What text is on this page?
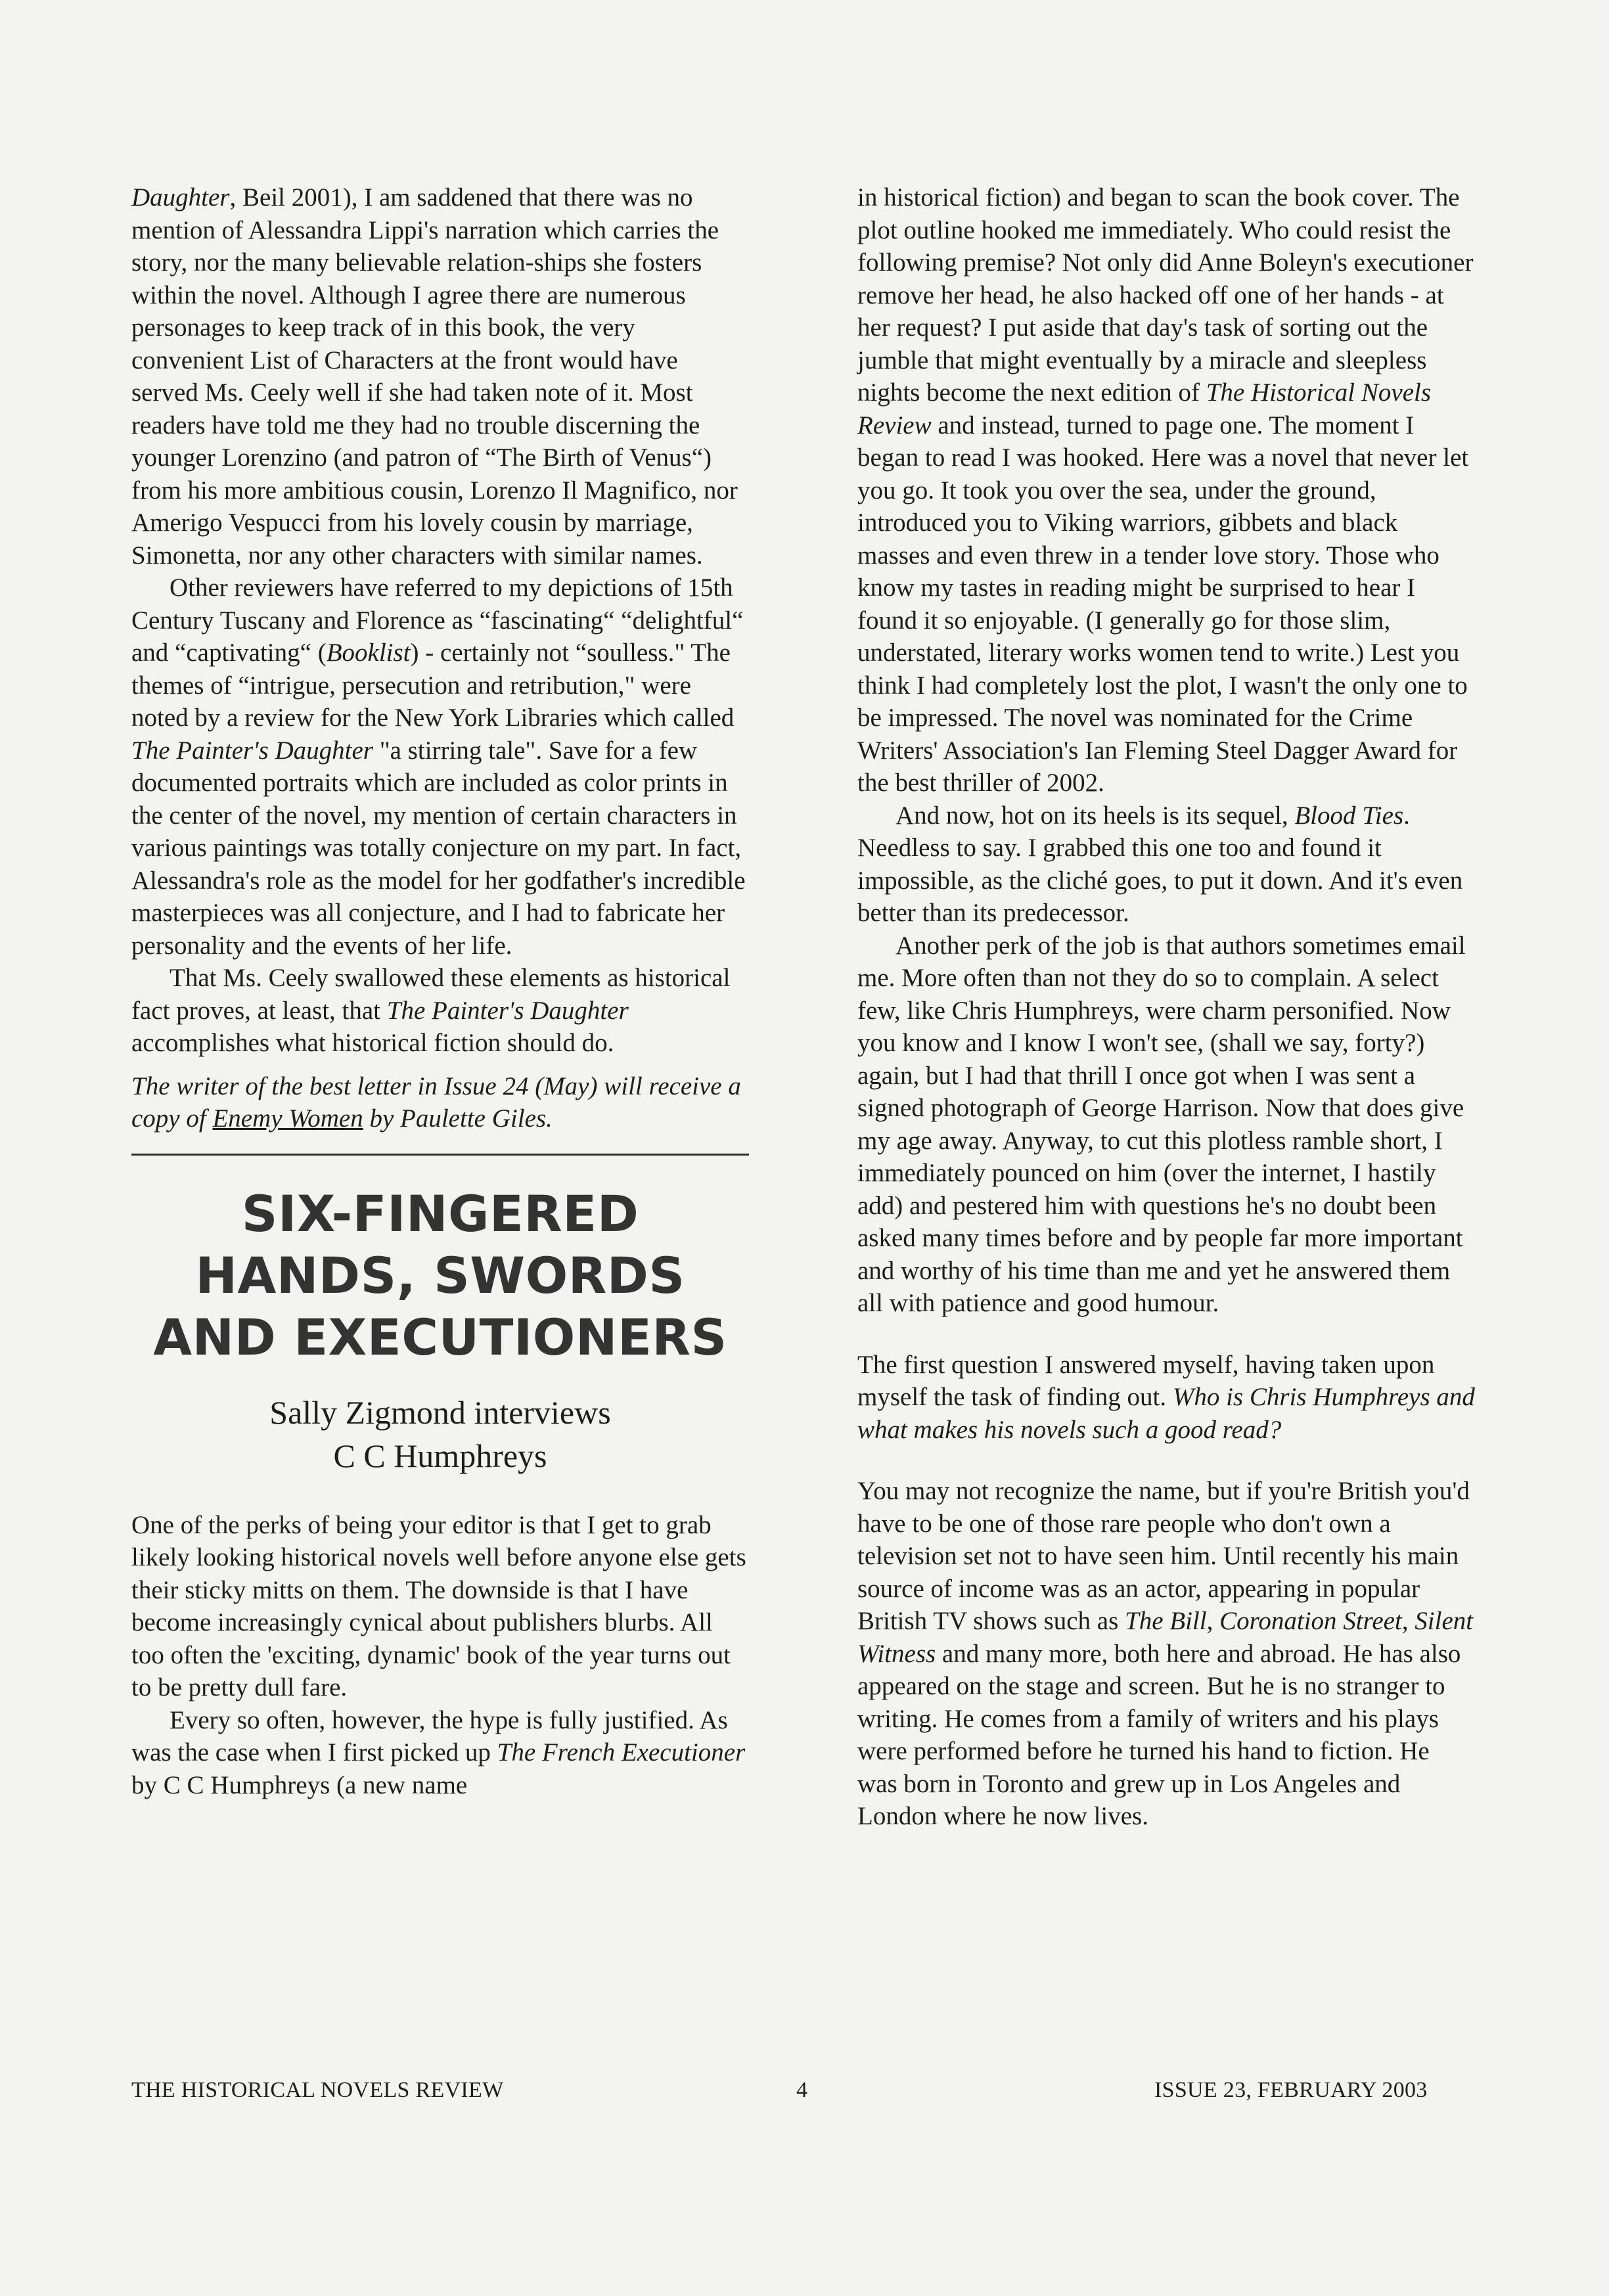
Daughter, Beil 2001), I am saddened that there was no mention of Alessandra Lippi's narration which carries the story, nor the many believable relation-ships she fosters within the novel. Although I agree there are numerous personages to keep track of in this book, the very convenient List of Characters at the front would have served Ms. Ceely well if she had taken note of it. Most readers have told me they had no trouble discerning the younger Lorenzino (and patron of “The Birth of Venus“) from his more ambitious cousin, Lorenzo Il Magnifico, nor Amerigo Vespucci from his lovely cousin by marriage, Simonetta, nor any other characters with similar names.

Other reviewers have referred to my depictions of 15th Century Tuscany and Florence as “fascinating“ “delightful“ and “captivating“ (Booklist) - certainly not “soulless." The themes of “intrigue, persecution and retribution," were noted by a review for the New York Libraries which called The Painter's Daughter "a stirring tale". Save for a few documented portraits which are included as color prints in the center of the novel, my mention of certain characters in various paintings was totally conjecture on my part. In fact, Alessandra's role as the model for her godfather's incredible masterpieces was all conjecture, and I had to fabricate her personality and the events of her life.

That Ms. Ceely swallowed these elements as historical fact proves, at least, that The Painter's Daughter accomplishes what historical fiction should do.

The writer of the best letter in Issue 24 (May) will receive a copy of Enemy Women by Paulette Giles.

SIX-FINGERED
HANDS, SWORDS
AND EXECUTIONERS
Sally Zigmond interviews
C C Humphreys

One of the perks of being your editor is that I get to grab likely looking historical novels well before anyone else gets their sticky mitts on them. The downside is that I have become increasingly cynical about publishers blurbs. All too often the 'exciting, dynamic' book of the year turns out to be pretty dull fare.

Every so often, however, the hype is fully justified. As was the case when I first picked up The French Executioner by C C Humphreys (a new name

in historical fiction) and began to scan the book cover. The plot outline hooked me immediately. Who could resist the following premise? Not only did Anne Boleyn's executioner remove her head, he also hacked off one of her hands - at her request? I put aside that day's task of sorting out the jumble that might eventually by a miracle and sleepless nights become the next edition of The Historical Novels Review and instead, turned to page one. The moment I began to read I was hooked. Here was a novel that never let you go. It took you over the sea, under the ground, introduced you to Viking warriors, gibbets and black masses and even threw in a tender love story. Those who know my tastes in reading might be surprised to hear I found it so enjoyable. (I generally go for those slim, understated, literary works women tend to write.) Lest you think I had completely lost the plot, I wasn't the only one to be impressed. The novel was nominated for the Crime Writers' Association's Ian Fleming Steel Dagger Award for the best thriller of 2002.

And now, hot on its heels is its sequel, Blood Ties. Needless to say. I grabbed this one too and found it impossible, as the cliché goes, to put it down. And it's even better than its predecessor.

Another perk of the job is that authors sometimes email me. More often than not they do so to complain. A select few, like Chris Humphreys, were charm personified. Now you know and I know I won't see, (shall we say, forty?) again, but I had that thrill I once got when I was sent a signed photograph of George Harrison. Now that does give my age away. Anyway, to cut this plotless ramble short, I immediately pounced on him (over the internet, I hastily add) and pestered him with questions he's no doubt been asked many times before and by people far more important and worthy of his time than me and yet he answered them all with patience and good humour.

The first question I answered myself, having taken upon myself the task of finding out. Who is Chris Humphreys and what makes his novels such a good read?

You may not recognize the name, but if you're British you'd have to be one of those rare people who don't own a television set not to have seen him. Until recently his main source of income was as an actor, appearing in popular British TV shows such as The Bill, Coronation Street, Silent Witness and many more, both here and abroad. He has also appeared on the stage and screen. But he is no stranger to writing. He comes from a family of writers and his plays were performed before he turned his hand to fiction. He was born in Toronto and grew up in Los Angeles and London where he now lives.

THE HISTORICAL NOVELS REVIEW	4	ISSUE 23, FEBRUARY 2003
